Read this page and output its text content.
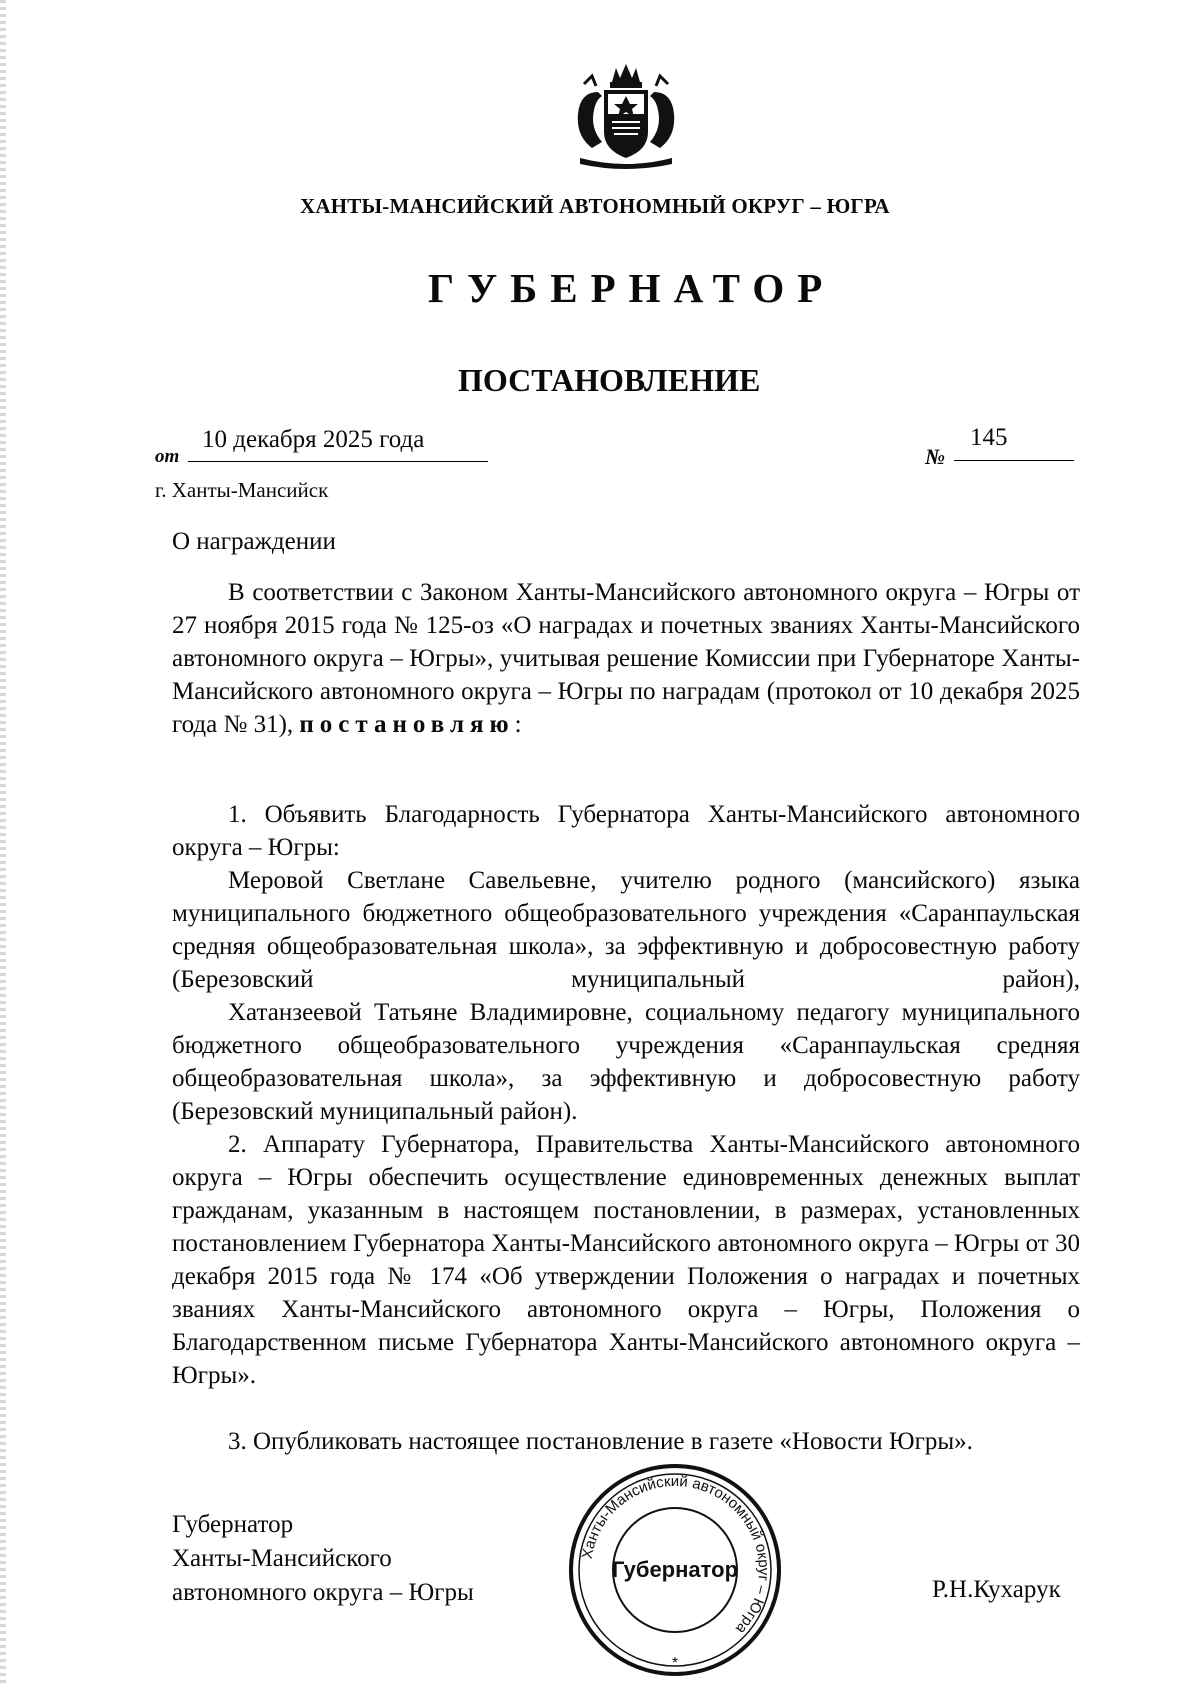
ХАНТЫ-МАНСИЙСКИЙ АВТОНОМНЫЙ ОКРУГ – ЮГРА
ГУБЕРНАТОР
ПОСТАНОВЛЕНИЕ
от
10 декабря 2025 года
№
145
г. Ханты-Мансийск
О награждении

В соответствии с Законом Ханты-Мансийского автономного округа – Югры от 27 ноября 2015 года № 125-оз «О наградах и почетных званиях Ханты-Мансийского автономного округа – Югры», учитывая решение Комиссии при Губернаторе Ханты-Мансийского автономного округа – Югры по наградам (протокол от 10 декабря 2025 года № 31), постановляю:

1. Объявить Благодарность Губернатора Ханты-Мансийского автономного округа – Югры:

Меровой Светлане Савельевне, учителю родного (мансийского) языка муниципального бюджетного общеобразовательного учреждения «Саранпаульская средняя общеобразовательная школа», за эффективную и добросовестную работу (Березовский муниципальный район),

Хатанзеевой Татьяне Владимировне, социальному педагогу муниципального бюджетного общеобразовательного учреждения «Саранпаульская средняя общеобразовательная школа», за эффективную и добросовестную работу (Березовский муниципальный район).

2. Аппарату Губернатора, Правительства Ханты-Мансийского автономного округа – Югры обеспечить осуществление единовременных денежных выплат гражданам, указанным в настоящем постановлении, в размерах, установленных постановлением Губернатора Ханты-Мансийского автономного округа – Югры от 30 декабря 2015 года № 174 «Об утверждении Положения о наградах и почетных званиях Ханты-Мансийского автономного округа – Югры, Положения о Благодарственном письме Губернатора Ханты-Мансийского автономного округа – Югры».

3. Опубликовать настоящее постановление в газете «Новости Югры».

Губернатор
Ханты-Мансийского
автономного округа – Югры
Ханты-Мансийский автономный округ – Югра
Губернатор
*
Р.Н.Кухарук
